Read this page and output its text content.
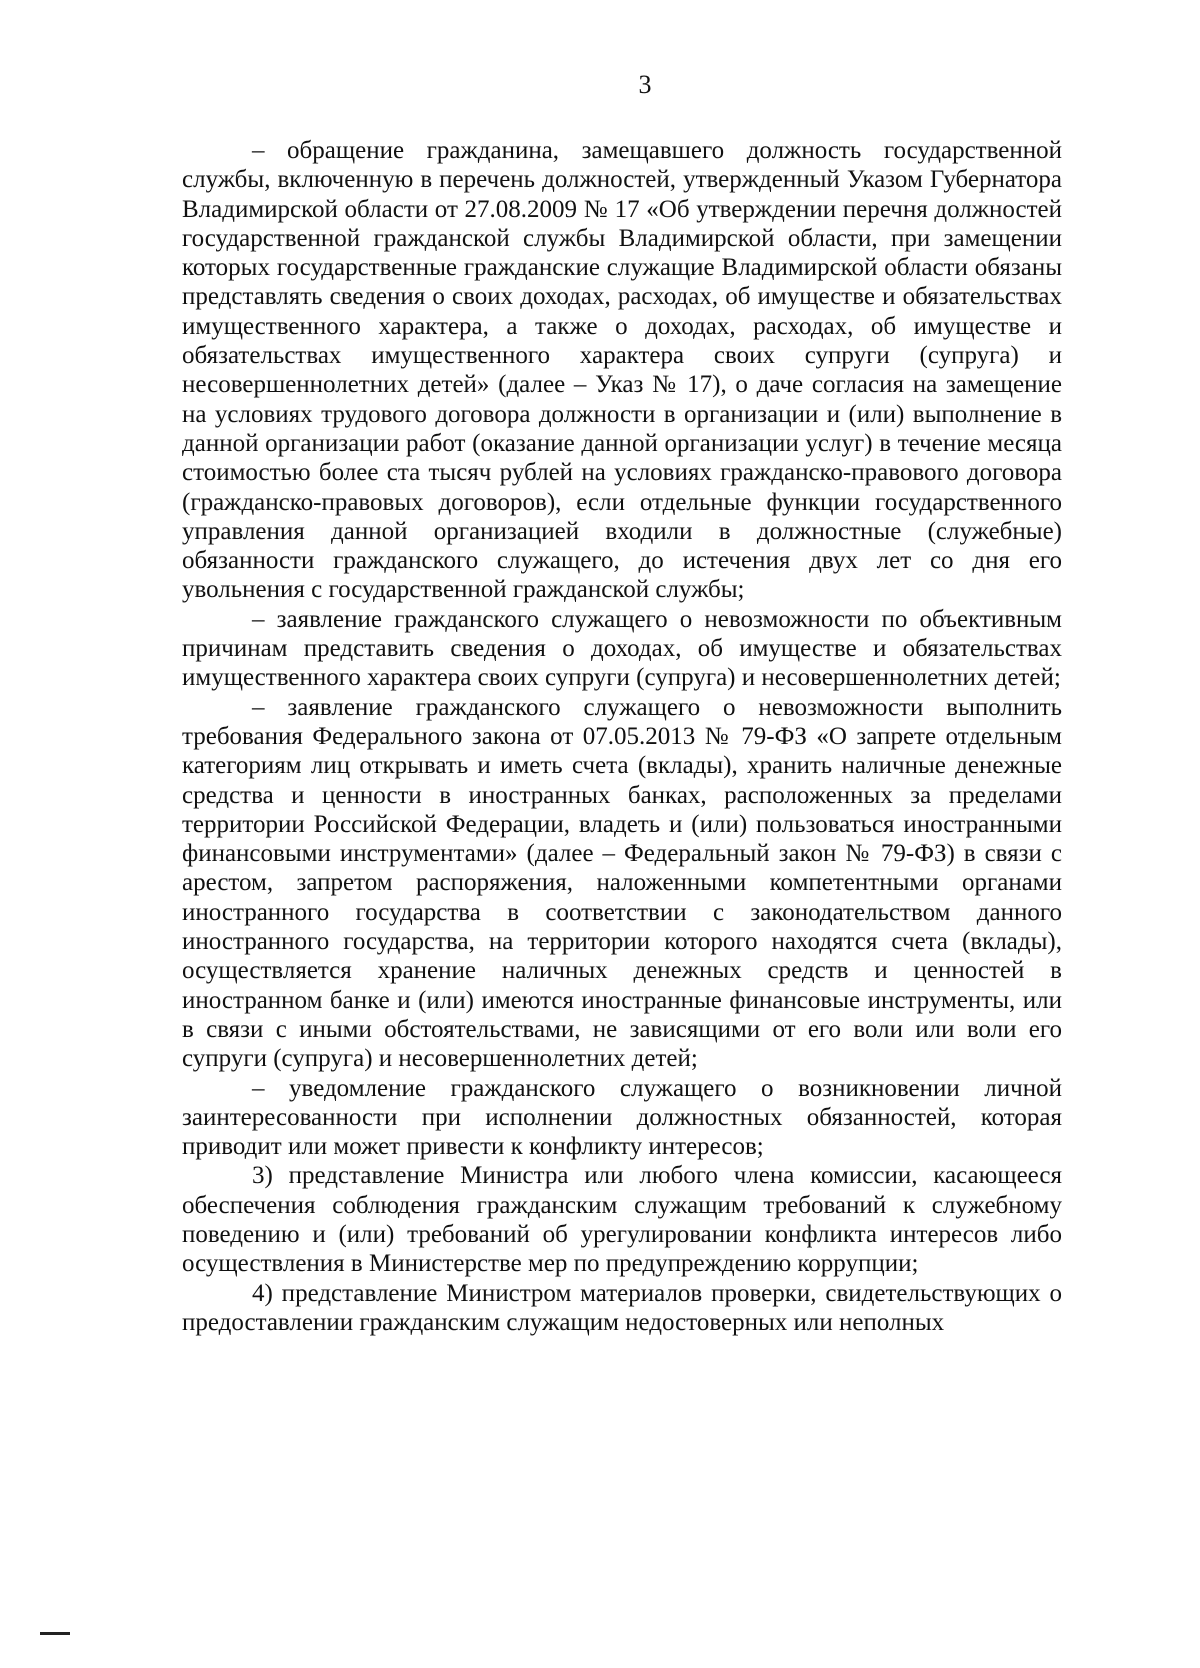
3

– обращение гражданина, замещавшего должность государственной службы, включенную в перечень должностей, утвержденный Указом Губернатора Владимирской области от 27.08.2009 № 17 «Об утверждении перечня должностей государственной гражданской службы Владимирской области, при замещении которых государственные гражданские служащие Владимирской области обязаны представлять сведения о своих доходах, расходах, об имуществе и обязательствах имущественного характера, а также о доходах, расходах, об имуществе и обязательствах имущественного характера своих супруги (супруга) и несовершеннолетних детей» (далее – Указ № 17), о даче согласия на замещение на условиях трудового договора должности в организации и (или) выполнение в данной организации работ (оказание данной организации услуг) в течение месяца стоимостью более ста тысяч рублей на условиях гражданско-правового договора (гражданско-правовых договоров), если отдельные функции государственного управления данной организацией входили в должностные (служебные) обязанности гражданского служащего, до истечения двух лет со дня его увольнения с государственной гражданской службы;

– заявление гражданского служащего о невозможности по объективным причинам представить сведения о доходах, об имуществе и обязательствах имущественного характера своих супруги (супруга) и несовершеннолетних детей;

– заявление гражданского служащего о невозможности выполнить требования Федерального закона от 07.05.2013 № 79-ФЗ «О запрете отдельным категориям лиц открывать и иметь счета (вклады), хранить наличные денежные средства и ценности в иностранных банках, расположенных за пределами территории Российской Федерации, владеть и (или) пользоваться иностранными финансовыми инструментами» (далее – Федеральный закон № 79-ФЗ) в связи с арестом, запретом распоряжения, наложенными компетентными органами иностранного государства в соответствии с законодательством данного иностранного государства, на территории которого находятся счета (вклады), осуществляется хранение наличных денежных средств и ценностей в иностранном банке и (или) имеются иностранные финансовые инструменты, или в связи с иными обстоятельствами, не зависящими от его воли или воли его супруги (супруга) и несовершеннолетних детей;

– уведомление гражданского служащего о возникновении личной заинтересованности при исполнении должностных обязанностей, которая приводит или может привести к конфликту интересов;

3) представление Министра или любого члена комиссии, касающееся обеспечения соблюдения гражданским служащим требований к служебному поведению и (или) требований об урегулировании конфликта интересов либо осуществления в Министерстве мер по предупреждению коррупции;

4) представление Министром материалов проверки, свидетельствующих о предоставлении гражданским служащим недостоверных или неполных
